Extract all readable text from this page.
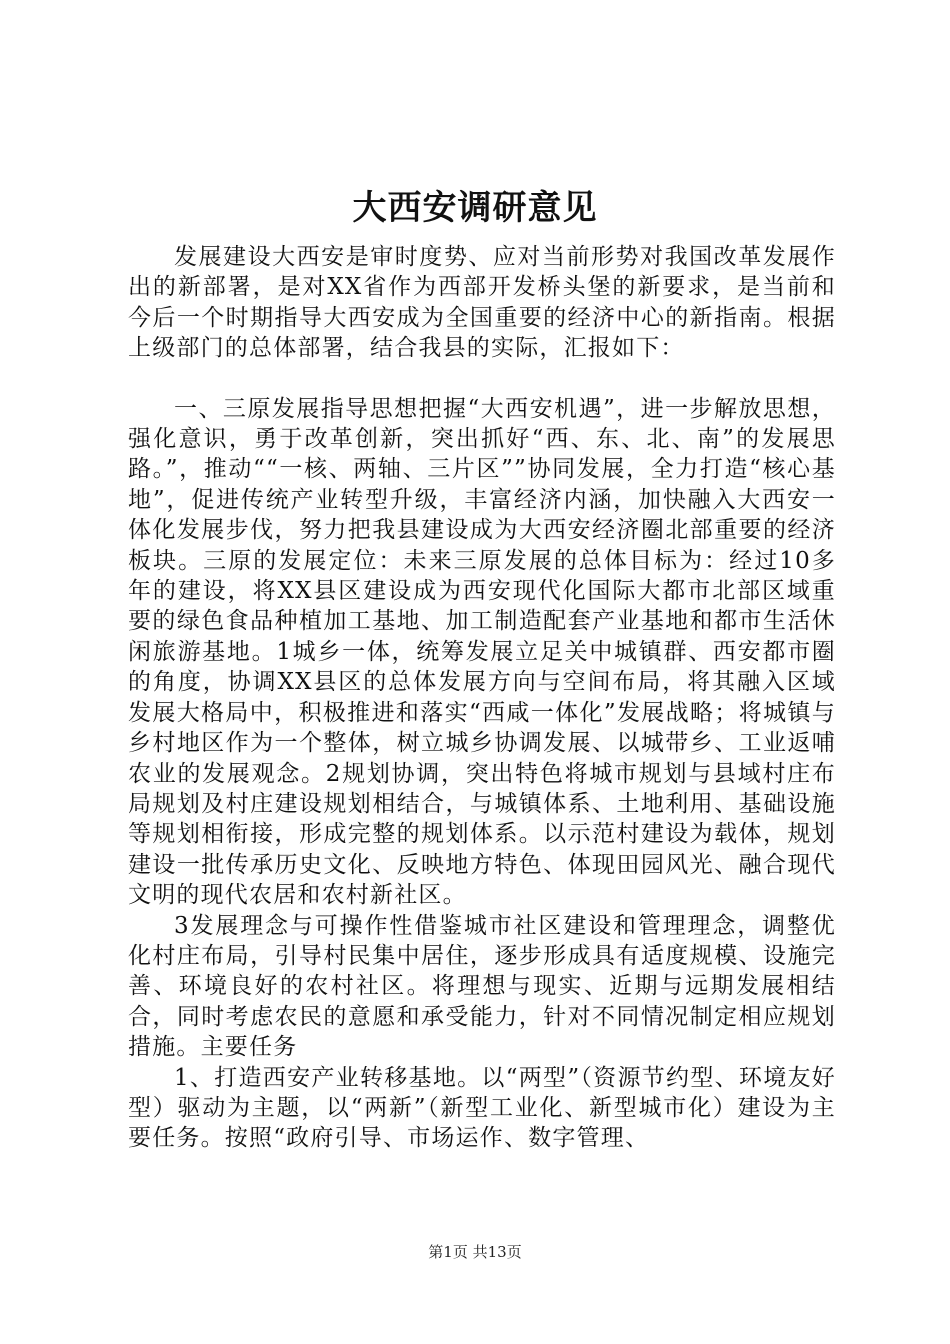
大西安调研意见

发展建设大西安是审时度势、应对当前形势对我国改革发展作出的新部署，是对XX省作为西部开发桥头堡的新要求，是当前和今后一个时期指导大西安成为全国重要的经济中心的新指南。根据上级部门的总体部署，结合我县的实际，汇报如下：

一、三原发展指导思想把握“大西安机遇”，进一步解放思想，强化意识，勇于改革创新，突出抓好“西、东、北、南”的发展思路。”，推动““一核、两轴、三片区””协同发展，全力打造“核心基地”，促进传统产业转型升级，丰富经济内涵，加快融入大西安一体化发展步伐，努力把我县建设成为大西安经济圈北部重要的经济板块。三原的发展定位：未来三原发展的总体目标为：经过10多年的建设，将XX县区建设成为西安现代化国际大都市北部区域重要的绿色食品种植加工基地、加工制造配套产业基地和都市生活休闲旅游基地。1城乡一体，统筹发展立足关中城镇群、西安都市圈的角度，协调XX县区的总体发展方向与空间布局，将其融入区域发展大格局中，积极推进和落实“西咸一体化”发展战略；将城镇与乡村地区作为一个整体，树立城乡协调发展、以城带乡、工业返哺农业的发展观念。2规划协调，突出特色将城市规划与县域村庄布局规划及村庄建设规划相结合，与城镇体系、土地利用、基础设施等规划相衔接，形成完整的规划体系。以示范村建设为载体，规划建设一批传承历史文化、反映地方特色、体现田园风光、融合现代文明的现代农居和农村新社区。

3发展理念与可操作性借鉴城市社区建设和管理理念，调整优化村庄布局，引导村民集中居住，逐步形成具有适度规模、设施完善、环境良好的农村社区。将理想与现实、近期与远期发展相结合，同时考虑农民的意愿和承受能力，针对不同情况制定相应规划措施。主要任务

1、打造西安产业转移基地。以“两型”（资源节约型、环境友好型）驱动为主题，以“两新”（新型工业化、新型城市化）建设为主要任务。按照“政府引导、市场运作、数字管理、

第1页 共13页
